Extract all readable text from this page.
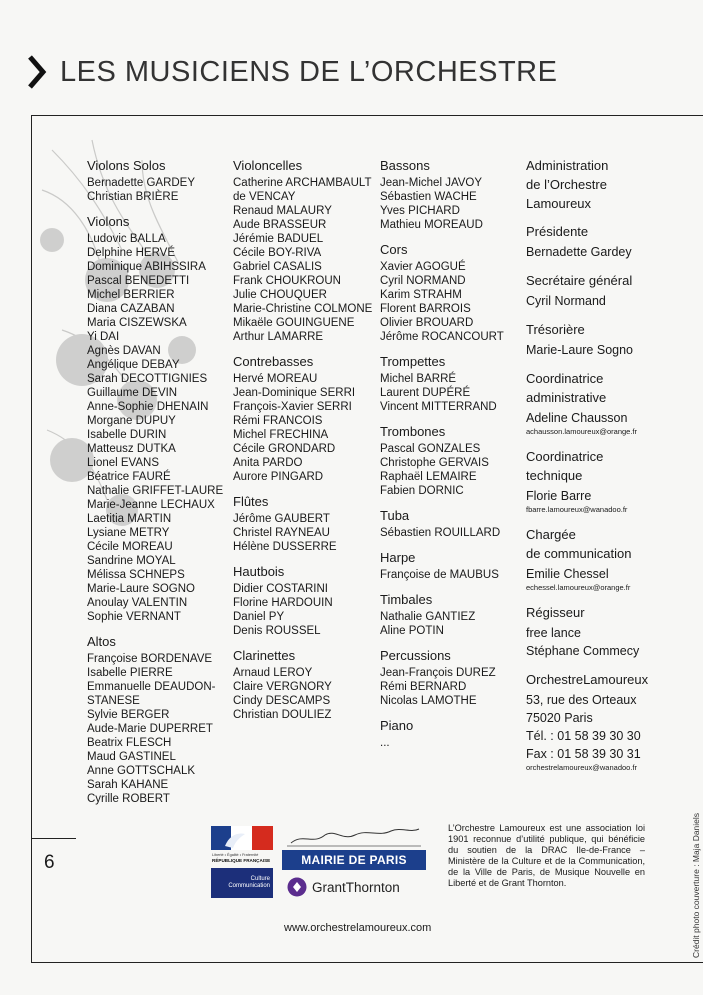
LES MUSICIENS DE L’ORCHESTRE
Violons Solos
Bernadette GARDEY
Christian BRIÈRE
Violons
Ludovic BALLA
Delphine HERVÉ
Dominique ABIHSSIRA
Pascal BENEDETTI
Michel BERRIER
Diana CAZABAN
Maria CISZEWSKA
Yi DAI
Agnès DAVAN
Angélique DEBAY
Sarah DECOTTIGNIES
Guillaume DEVIN
Anne-Sophie DHENAIN
Morgane DUPUY
Isabelle DURIN
Matteusz DUTKA
Lionel EVANS
Béatrice FAURÉ
Nathalie GRIFFET-LAURE
Marie-Jeanne LECHAUX
Laetitia MARTIN
Lysiane METRY
Cécile MOREAU
Sandrine MOYAL
Mélissa SCHNEPS
Marie-Laure SOGNO
Anoulay VALENTIN
Sophie VERNANT
Altos
Françoise BORDENAVE
Isabelle PIERRE
Emmanuelle DEAUDON-
STANESE
Sylvie BERGER
Aude-Marie DUPERRET
Beatrix FLESCH
Maud GASTINEL
Anne GOTTSCHALK
Sarah KAHANE
Cyrille ROBERT
Violoncelles
Catherine ARCHAMBAULT
de VENCAY
Renaud MALAURY
Aude BRASSEUR
Jérémie BADUEL
Cécile BOY-RIVA
Gabriel CASALIS
Frank CHOUKROUN
Julie CHOUQUER
Marie-Christine COLMONE
Mikaële GOUINGUENE
Arthur LAMARRE
Contrebasses
Hervé MOREAU
Jean-Dominique SERRI
François-Xavier SERRI
Rémi FRANCOIS
Michel FRECHINA
Cécile GRONDARD
Anita PARDO
Aurore PINGARD
Flûtes
Jérôme GAUBERT
Christel RAYNEAU
Hélène DUSSERRE
Hautbois
Didier COSTARINI
Florine HARDOUIN
Daniel PY
Denis ROUSSEL
Clarinettes
Arnaud LEROY
Claire VERGNORY
Cindy DESCAMPS
Christian DOULIEZ
Bassons
Jean-Michel JAVOY
Sébastien WACHE
Yves PICHARD
Mathieu MOREAUD
Cors
Xavier AGOGUÉ
Cyril NORMAND
Karim STRAHM
Florent BARROIS
Olivier BROUARD
Jérôme ROCANCOURT
Trompettes
Michel BARRÉ
Laurent DUPÉRÉ
Vincent MITTERRAND
Trombones
Pascal GONZALES
Christophe GERVAIS
Raphaël LEMAIRE
Fabien DORNIC
Tuba
Sébastien ROUILLARD
Harpe
Françoise de MAUBUS
Timbales
Nathalie GANTIEZ
Aline POTIN
Percussions
Jean-François DUREZ
Rémi BERNARD
Nicolas LAMOTHE
Piano
...
Administration
de l’Orchestre
Lamoureux
Présidente
Bernadette Gardey
Secrétaire général
Cyril Normand
Trésorière
Marie-Laure Sogno
Coordinatrice
administrative
Adeline Chausson
achausson.lamoureux@orange.fr
Coordinatrice
technique
Florie Barre
fbarre.lamoureux@wanadoo.fr
Chargée
de communication
Emilie Chessel
echessel.lamoureux@orange.fr
Régisseur
free lance
Stéphane Commecy
OrchestreLamoureux
53, rue des Orteaux
75020 Paris
Tél. : 01 58 39 30 30
Fax : 01 58 39 30 31
orchestrelamoureux@wanadoo.fr
6	Liberté • Égalité • Fraternité
RÉPUBLIQUE FRANÇAISE
Culture
Communication
MAIRIE DE PARIS
GrantThornton
L’Orchestre Lamoureux est une association loi 1901 reconnue d’utilité publique, qui bénéficie du soutien de la DRAC Ile-de-France – Ministère de la Culture et de la Communication, de la Ville de Paris, de Musique Nouvelle en Liberté et de Grant Thornton.
www.orchestrelamoureux.com	Crédit photo couverture : Maja Daniels
